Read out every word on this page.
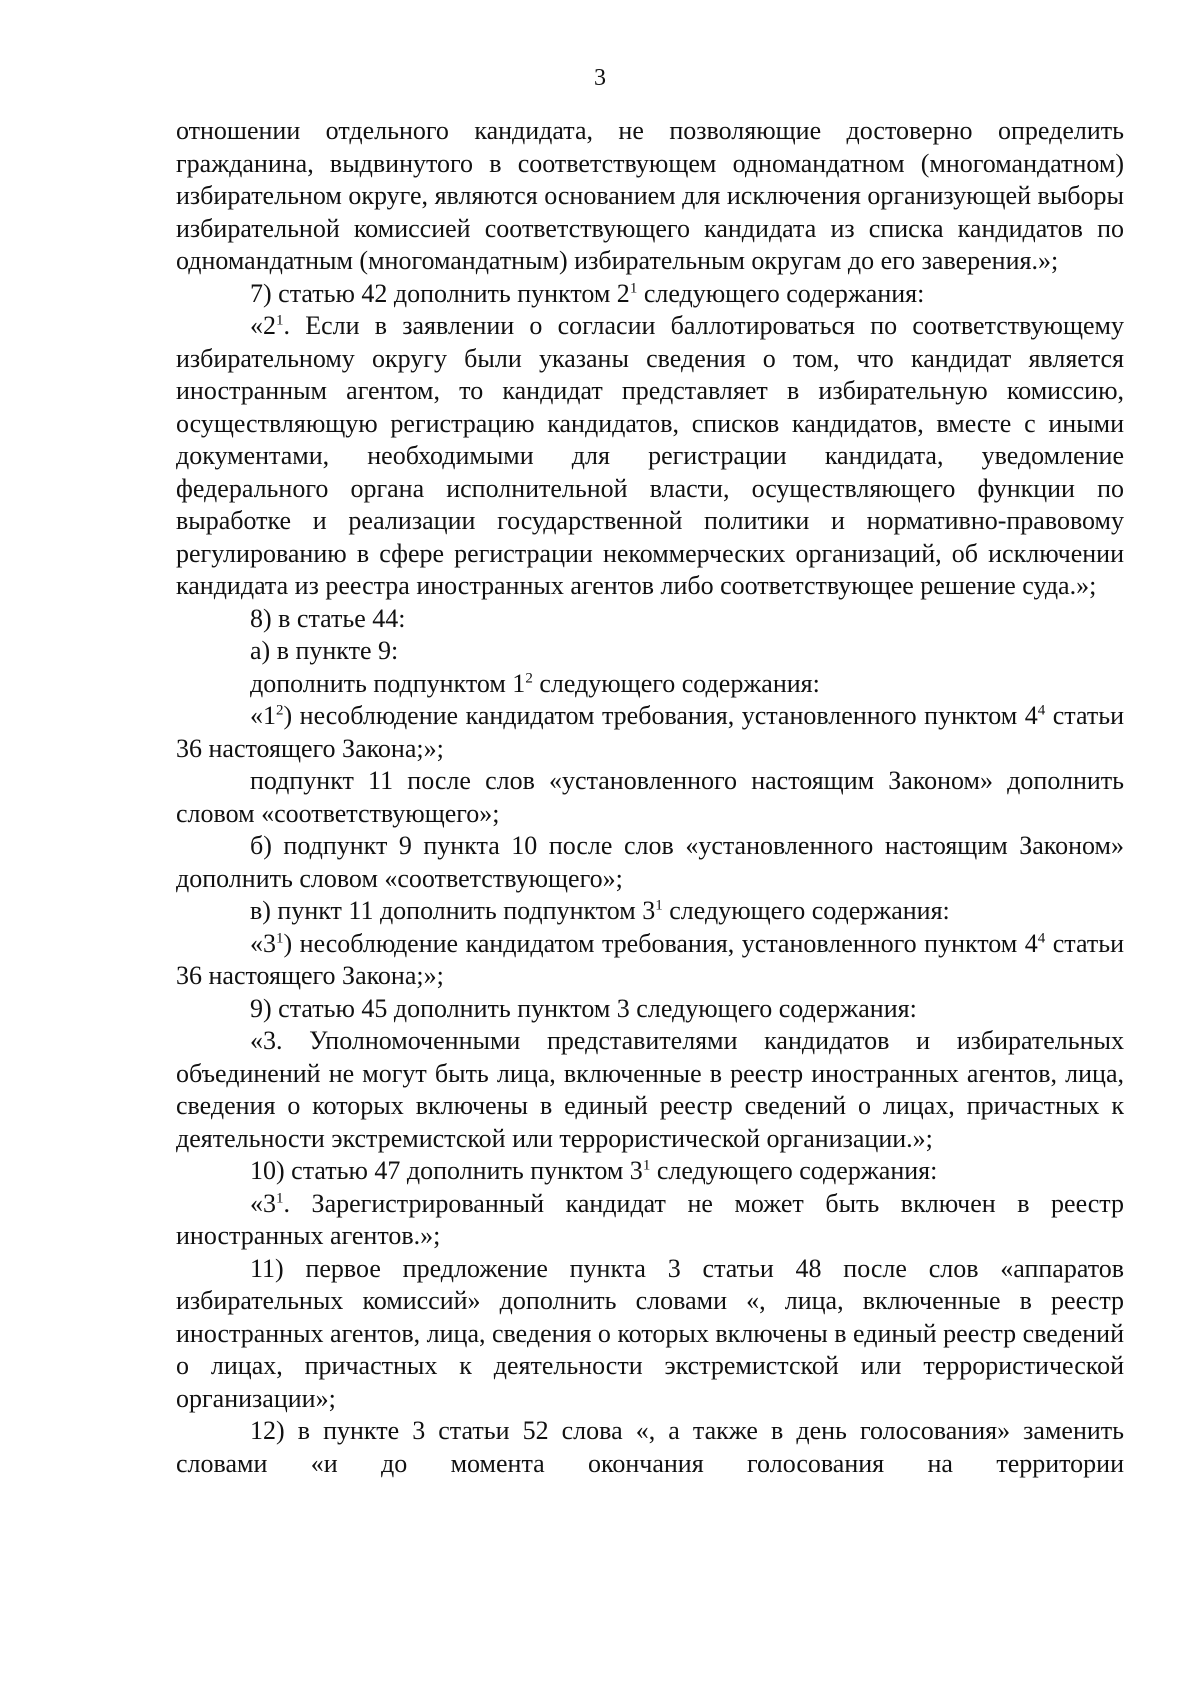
3

отношении отдельного кандидата, не позволяющие достоверно определить гражданина, выдвинутого в соответствующем одномандатном (многомандатном) избирательном округе, являются основанием для исключения организующей выборы избирательной комиссией соответствующего кандидата из списка кандидатов по одномандатным (многомандатным) избирательным округам до его заверения.»;

7) статью 42 дополнить пунктом $2^1$ следующего содержания:

«$2^1$. Если в заявлении о согласии баллотироваться по соответствующему избирательному округу были указаны сведения о том, что кандидат является иностранным агентом, то кандидат представляет в избирательную комиссию, осуществляющую регистрацию кандидатов, списков кандидатов, вместе с иными документами, необходимыми для регистрации кандидата, уведомление федерального органа исполнительной власти, осуществляющего функции по выработке и реализации государственной политики и нормативно-правовому регулированию в сфере регистрации некоммерческих организаций, об исключении кандидата из реестра иностранных агентов либо соответствующее решение суда.»;

8) в статье 44:

а) в пункте 9:

дополнить подпунктом $1^2$ следующего содержания:

«$1^2$) несоблюдение кандидатом требования, установленного пунктом $4^4$ статьи 36 настоящего Закона;»;

подпункт 11 после слов «установленного настоящим Законом» дополнить словом «соответствующего»;

б) подпункт 9 пункта 10 после слов «установленного настоящим Законом» дополнить словом «соответствующего»;

в) пункт 11 дополнить подпунктом $3^1$ следующего содержания:

«$3^1$) несоблюдение кандидатом требования, установленного пунктом $4^4$ статьи 36 настоящего Закона;»;

9) статью 45 дополнить пунктом 3 следующего содержания:

«3. Уполномоченными представителями кандидатов и избирательных объединений не могут быть лица, включенные в реестр иностранных агентов, лица, сведения о которых включены в единый реестр сведений о лицах, причастных к деятельности экстремистской или террористической организации.»;

10) статью 47 дополнить пунктом $3^1$ следующего содержания:

«$3^1$. Зарегистрированный кандидат не может быть включен в реестр иностранных агентов.»;

11) первое предложение пункта 3 статьи 48 после слов «аппаратов избирательных комиссий» дополнить словами «, лица, включенные в реестр иностранных агентов, лица, сведения о которых включены в единый реестр сведений о лицах, причастных к деятельности экстремистской или террористической организации»;

12) в пункте 3 статьи 52 слова «, а также в день голосования» заменить словами «и до момента окончания голосования на территории
